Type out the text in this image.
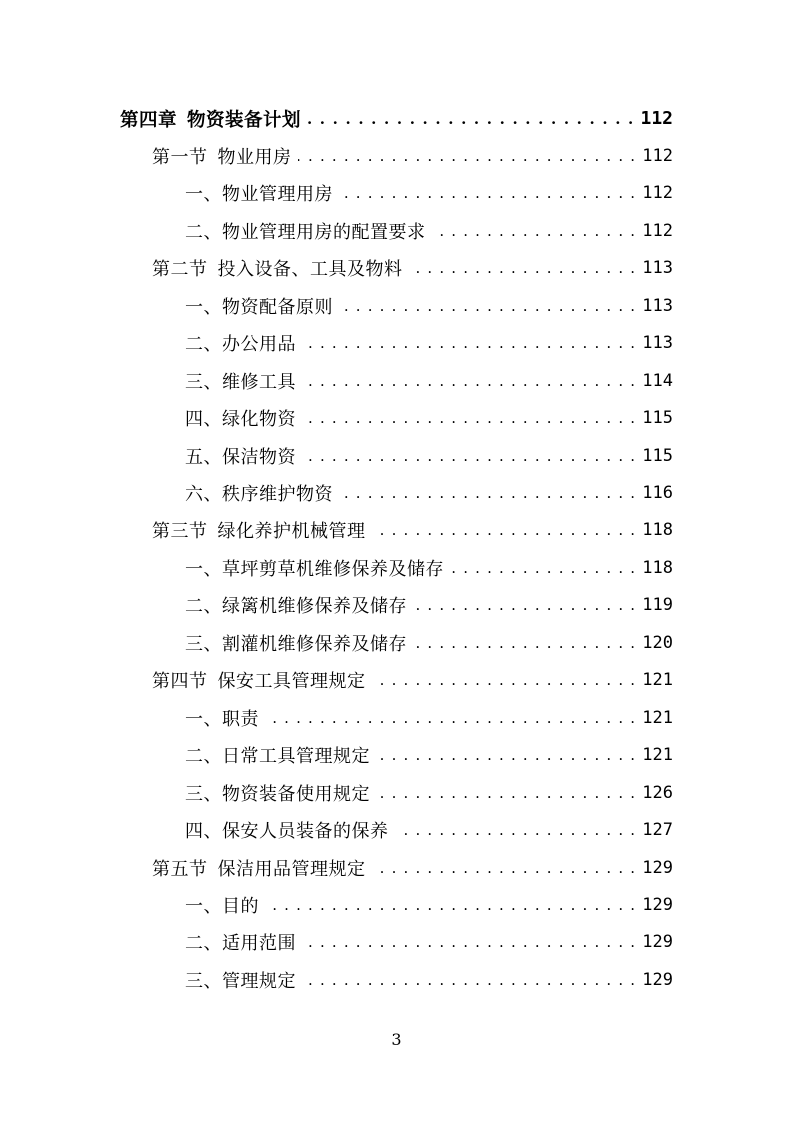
第四章 物资装备计划 . . .	112
第一节 物业用房 . . .	112
一、物业管理用房 . . .	112
二、物业管理用房的配置要求 . . .	112
第二节 投入设备、工具及物料 . . .	113
一、物资配备原则 . . .	113
二、办公用品 . . .	113
三、维修工具 . . .	114
四、绿化物资 . . .	115
五、保洁物资 . . .	115
六、秩序维护物资 . . .	116
第三节 绿化养护机械管理 . . .	118
一、草坪剪草机维修保养及储存 . . .	118
二、绿篱机维修保养及储存 . . .	119
三、割灌机维修保养及储存 . . .	120
第四节 保安工具管理规定 . . .	121
一、职责 . . .	121
二、日常工具管理规定 . . .	121
三、物资装备使用规定 . . .	126
四、保安人员装备的保养 . . .	127
第五节 保洁用品管理规定 . . .	129
一、目的 . . .	129
二、适用范围 . . .	129
三、管理规定 . . .	129
3
